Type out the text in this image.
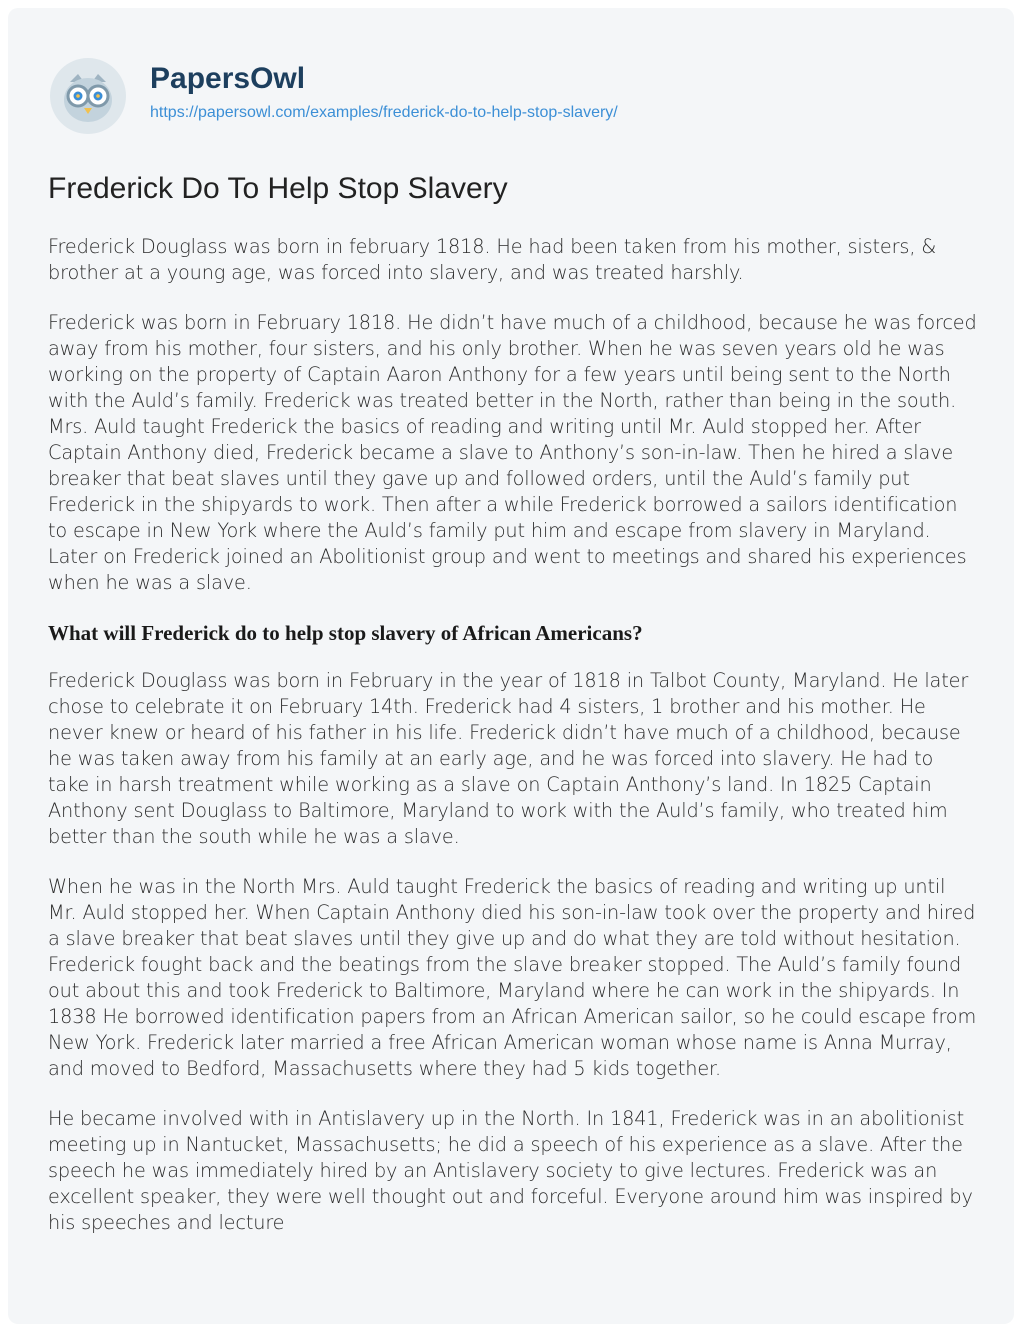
PapersOwl
https://papersowl.com/examples/frederick-do-to-help-stop-slavery/
Frederick Do To Help Stop Slavery

Frederick Douglass was born in february 1818. He had been taken from his mother, sisters, & brother at a young age, was forced into slavery, and was treated harshly.

Frederick was born in February 1818. He didn’t have much of a childhood, because he was forced away from his mother, four sisters, and his only brother. When he was seven years old he was working on the property of Captain Aaron Anthony for a few years until being sent to the North with the Auld’s family. Frederick was treated better in the North, rather than being in the south. Mrs. Auld taught Frederick the basics of reading and writing until Mr. Auld stopped her. After Captain Anthony died, Frederick became a slave to Anthony’s son-in-law. Then he hired a slave breaker that beat slaves until they gave up and followed orders, until the Auld’s family put Frederick in the shipyards to work. Then after a while Frederick borrowed a sailors identification to escape in New York where the Auld’s family put him and escape from slavery in Maryland. Later on Frederick joined an Abolitionist group and went to meetings and shared his experiences when he was a slave.

What will Frederick do to help stop slavery of African Americans?

Frederick Douglass was born in February in the year of 1818 in Talbot County, Maryland. He later chose to celebrate it on February 14th. Frederick had 4 sisters, 1 brother and his mother. He never knew or heard of his father in his life. Frederick didn’t have much of a childhood, because he was taken away from his family at an early age, and he was forced into slavery. He had to take in harsh treatment while working as a slave on Captain Anthony’s land. In 1825 Captain Anthony sent Douglass to Baltimore, Maryland to work with the Auld’s family, who treated him better than the south while he was a slave.

When he was in the North Mrs. Auld taught Frederick the basics of reading and writing up until Mr. Auld stopped her. When Captain Anthony died his son-in-law took over the property and hired a slave breaker that beat slaves until they give up and do what they are told without hesitation. Frederick fought back and the beatings from the slave breaker stopped. The Auld’s family found out about this and took Frederick to Baltimore, Maryland where he can work in the shipyards. In 1838 He borrowed identification papers from an African American sailor, so he could escape from New York. Frederick later married a free African American woman whose name is Anna Murray, and moved to Bedford, Massachusetts where they had 5 kids together.

He became involved with in Antislavery up in the North. In 1841, Frederick was in an abolitionist meeting up in Nantucket, Massachusetts; he did a speech of his experience as a slave. After the speech he was immediately hired by an Antislavery society to give lectures. Frederick was an excellent speaker, they were well thought out and forceful. Everyone around him was inspired by his speeches and lecture
